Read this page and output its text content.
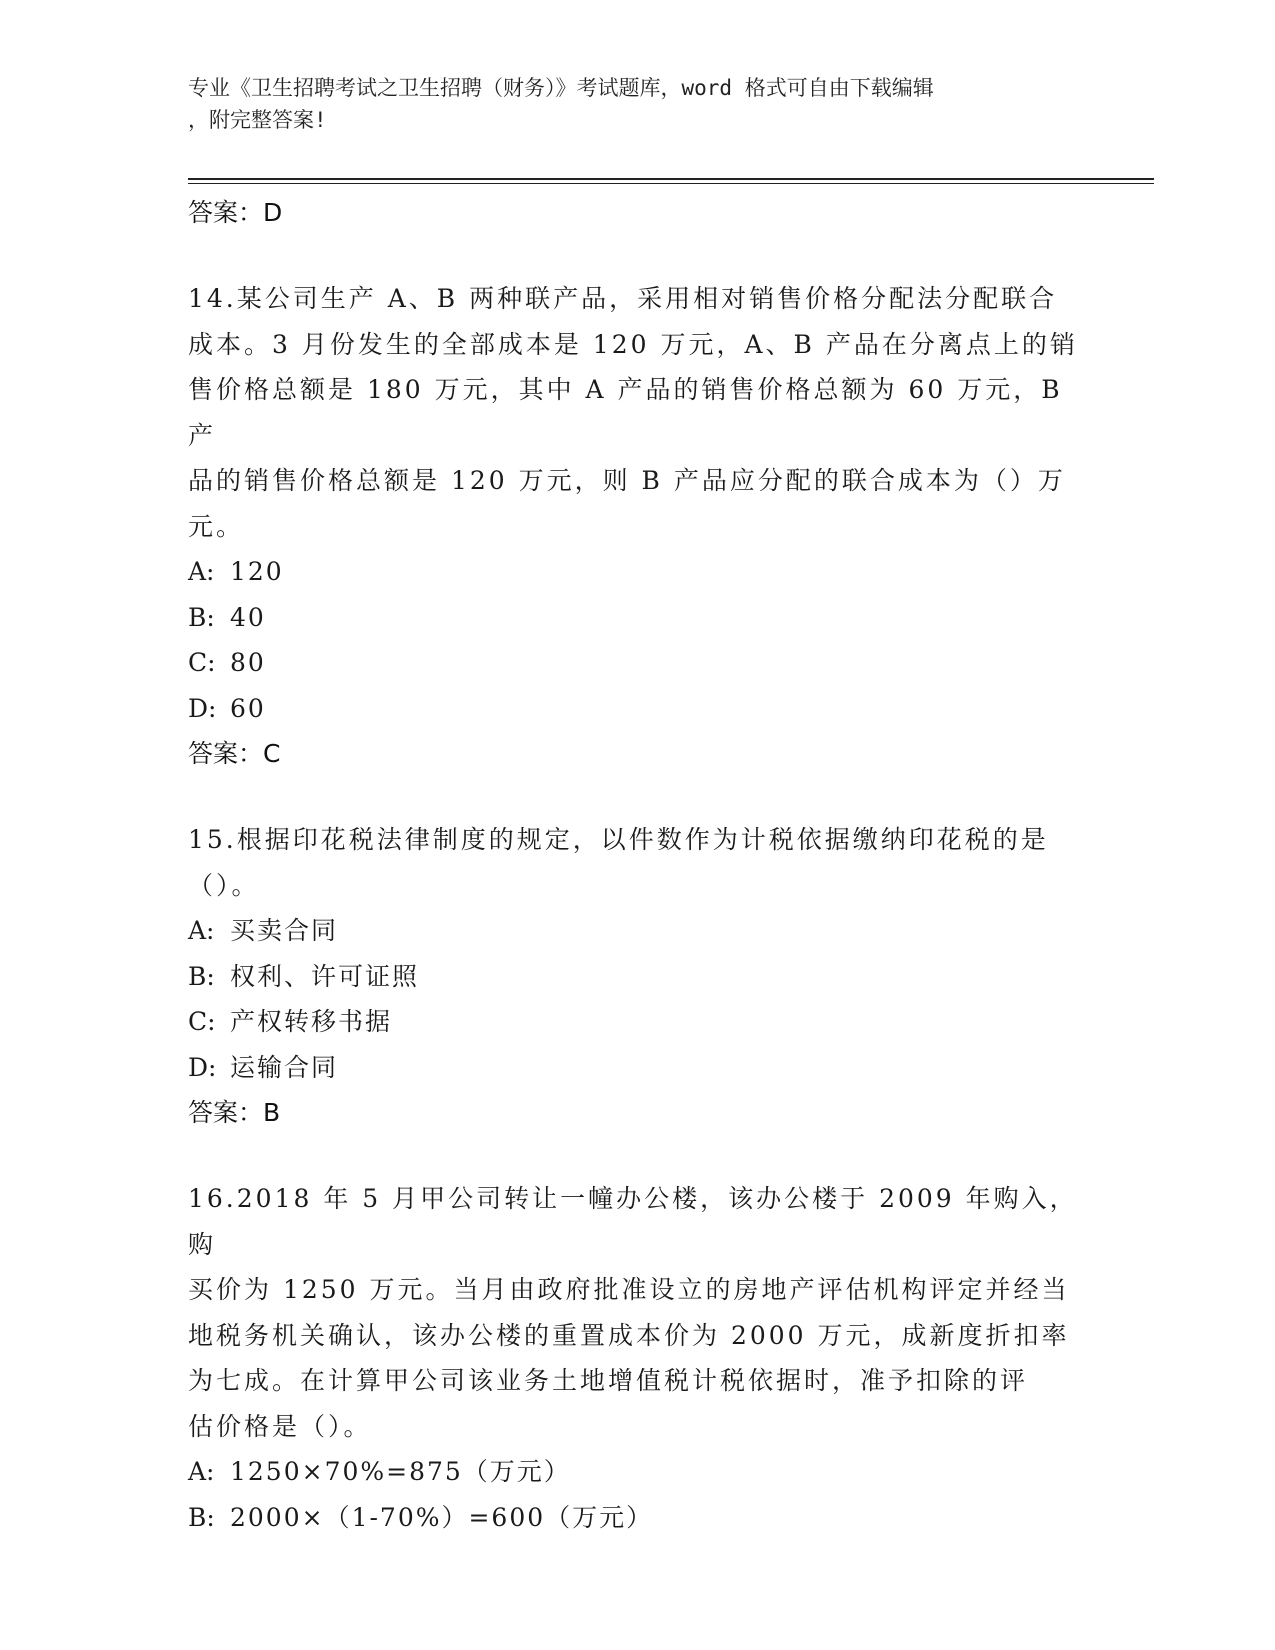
专业《卫生招聘考试之卫生招聘（财务）》考试题库，word 格式可自由下载编辑
，附完整答案!
答案：D
14.某公司生产 A、B 两种联产品，采用相对销售价格分配法分配联合
成本。3 月份发生的全部成本是 120 万元，A、B 产品在分离点上的销
售价格总额是 180 万元，其中 A 产品的销售价格总额为 60 万元，B 产
品的销售价格总额是 120 万元，则 B 产品应分配的联合成本为（）万
元。
A: 120
B: 40
C: 80
D: 60
答案：C
15.根据印花税法律制度的规定，以件数作为计税依据缴纳印花税的是
（）。
A: 买卖合同
B: 权利、许可证照
C: 产权转移书据
D: 运输合同
答案：B
16.2018 年 5 月甲公司转让一幢办公楼，该办公楼于 2009 年购入，购
买价为 1250 万元。当月由政府批准设立的房地产评估机构评定并经当
地税务机关确认，该办公楼的重置成本价为 2000 万元，成新度折扣率
为七成。在计算甲公司该业务土地增值税计税依据时，准予扣除的评
估价格是（）。
A: 1250×70%=875（万元）
B: 2000×（1-70%）=600（万元）
